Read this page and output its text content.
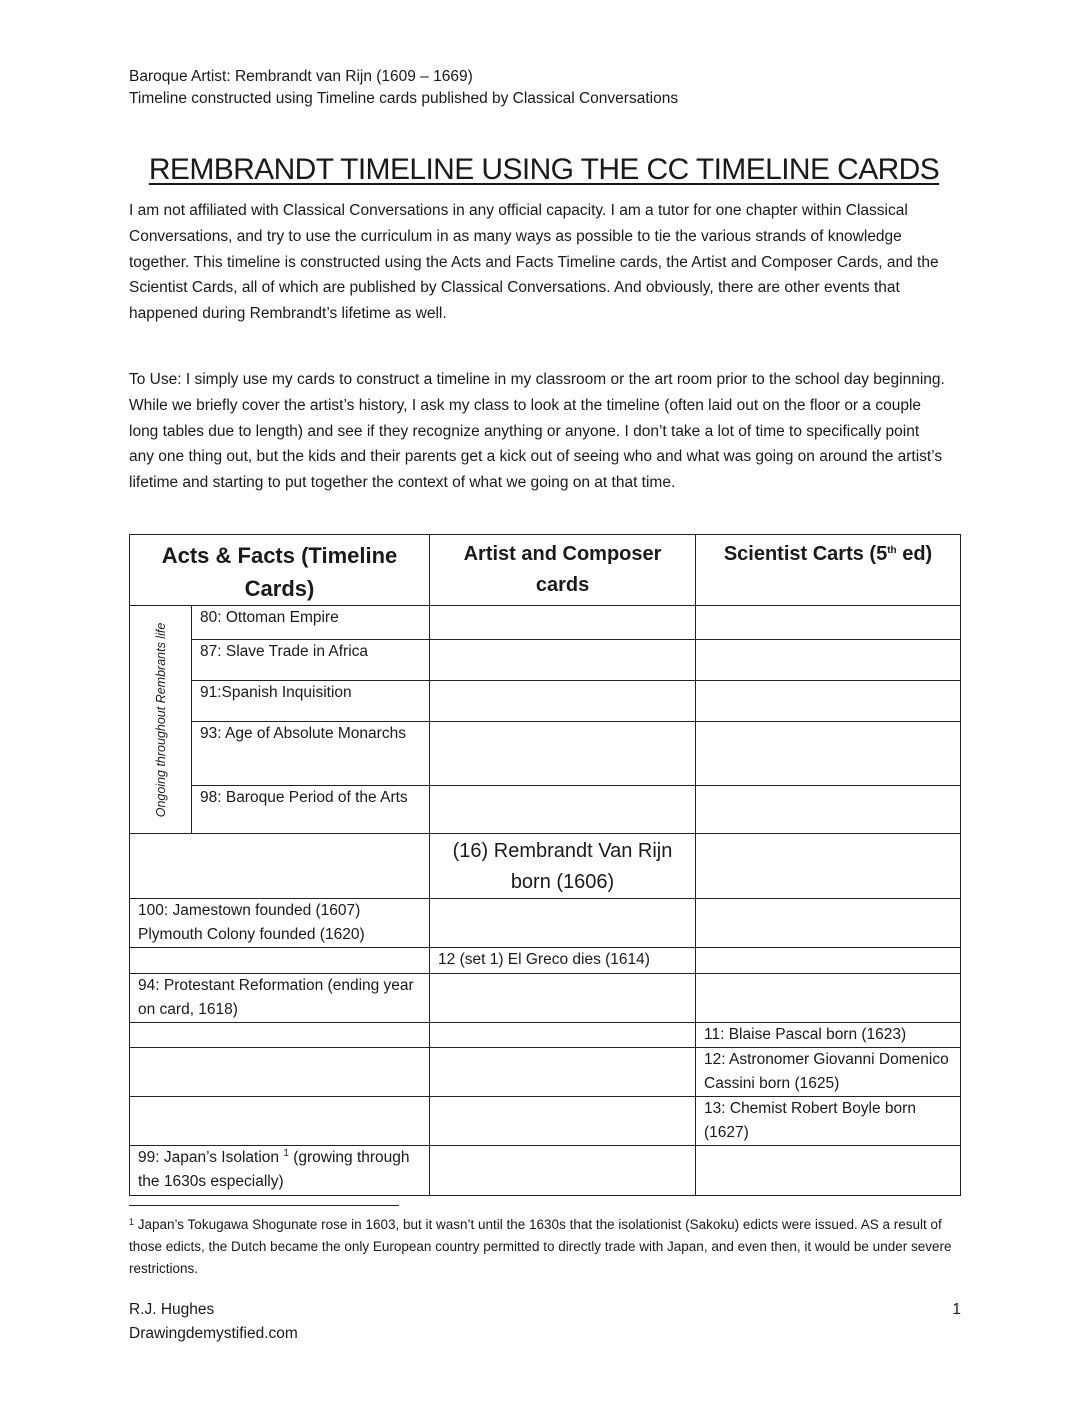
Baroque Artist: Rembrandt van Rijn (1609 – 1669)
Timeline constructed using Timeline cards published by Classical Conversations
REMBRANDT TIMELINE USING THE CC TIMELINE CARDS
I am not affiliated with Classical Conversations in any official capacity. I am a tutor for one chapter within Classical Conversations, and try to use the curriculum in as many ways as possible to tie the various strands of knowledge together. This timeline is constructed using the Acts and Facts Timeline cards, the Artist and Composer Cards, and the Scientist Cards, all of which are published by Classical Conversations. And obviously, there are other events that happened during Rembrandt’s lifetime as well.
To Use: I simply use my cards to construct a timeline in my classroom or the art room prior to the school day beginning. While we briefly cover the artist’s history, I ask my class to look at the timeline (often laid out on the floor or a couple long tables due to length) and see if they recognize anything or anyone. I don’t take a lot of time to specifically point any one thing out, but the kids and their parents get a kick out of seeing who and what was going on around the artist’s lifetime and starting to put together the context of what we going on at that time.
Acts & Facts (Timeline Cards)		Artist and Composer cards	Scientist Carts (5th ed)

Ongoing throughout Rembrants life	80: Ottoman Empire		
	87: Slave Trade in Africa		
	91:Spanish Inquisition		
	93: Age of Absolute Monarchs		
	98: Baroque Period of the Arts		
		(16) Rembrandt Van Rijn born (1606)	

100: Jamestown founded (1607)
Plymouth Colony founded (1620)			

		12 (set 1) El Greco dies (1614)	
94: Protestant Reformation (ending year on card, 1618)			
			11: Blaise Pascal born (1623)
			12: Astronomer Giovanni Domenico Cassini born (1625)
			13: Chemist Robert Boyle born (1627)
99: Japan’s Isolation $^1$ (growing through the 1630s especially)			
$^1$ Japan’s Tokugawa Shogunate rose in 1603, but it wasn’t until the 1630s that the isolationist (Sakoku) edicts were issued. AS a result of those edicts, the Dutch became the only European country permitted to directly trade with Japan, and even then, it would be under severe restrictions.
R.J. Hughes
Drawingdemystified.com
1
